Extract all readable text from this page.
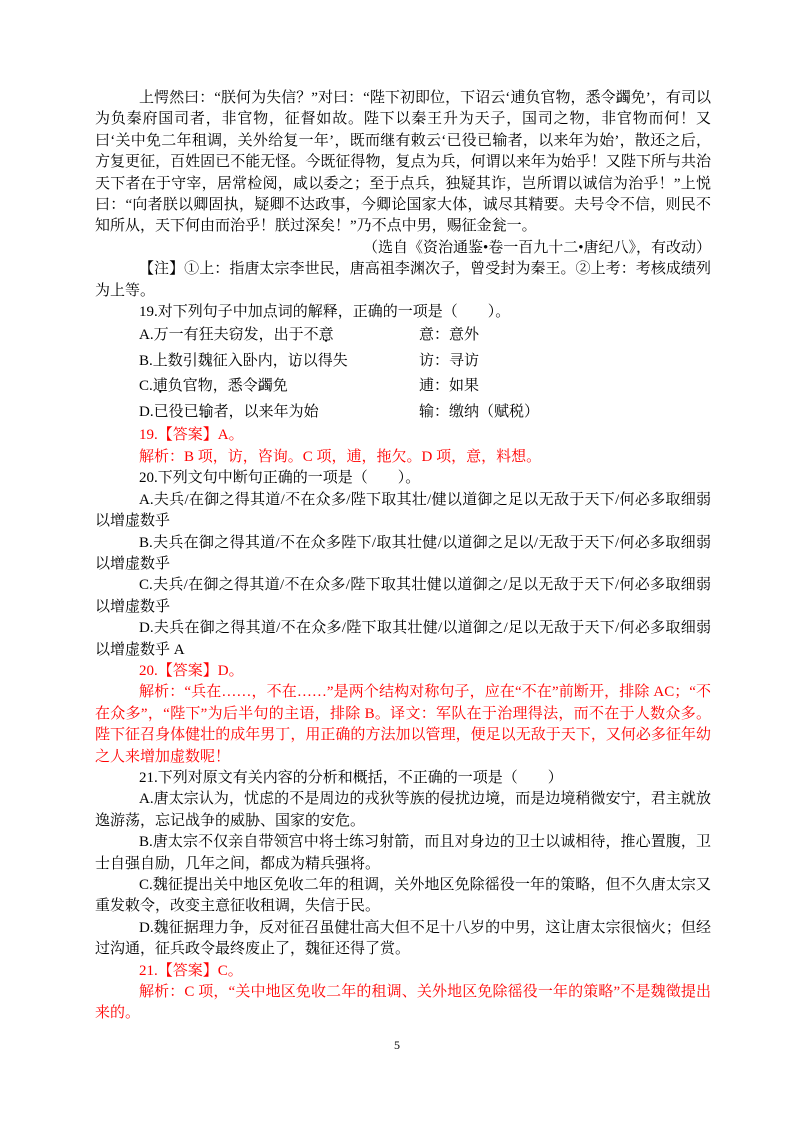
上愕然曰：“朕何为失信？”对曰：“陛下初即位，下诏云‘逋负官物，悉令蠲免’，有司以为负秦府国司者，非官物，征督如故。陛下以秦王升为天子，国司之物，非官物而何！又曰‘关中免二年租调，关外给复一年’，既而继有敕云‘已役已输者，以来年为始’，散还之后，方复更征，百姓固已不能无怪。今既征得物，复点为兵，何谓以来年为始乎！又陛下所与共治天下者在于守宰，居常检阅，咸以委之；至于点兵，独疑其诈，岂所谓以诚信为治乎！”上悦曰：“向者朕以卿固执，疑卿不达政事，今卿论国家大体，诚尽其精要。夫号令不信，则民不知所从，天下何由而治乎！朕过深矣！”乃不点中男，赐征金瓮一。

（选自《资治通鉴•卷一百九十二•唐纪八》，有改动）

【注】①上：指唐太宗李世民，唐高祖李渊次子，曾受封为秦王。②上考：考核成绩列为上等。

19.对下列句子中加点词的解释，正确的一项是（　　）。

A.万一有狂夫窃发，出于不意	意：意外
B.上数引魏征入卧内，访以得失	访：寻访
C.逋负官物，悉令蠲免	逋：如果
D.已役已输者，以来年为始	输：缴纳（赋税）

19.【答案】A。

解析：B 项，访，咨询。C 项，逋，拖欠。D 项，意，料想。

20.下列文句中断句正确的一项是（　　）。

A.夫兵/在御之得其道/不在众多/陛下取其壮/健以道御之足以无敌于天下/何必多取细弱以增虚数乎

B.夫兵在御之得其道/不在众多陛下/取其壮健/以道御之足以/无敌于天下/何必多取细弱以增虚数乎

C.夫兵/在御之得其道/不在众多/陛下取其壮健以道御之/足以无敌于天下/何必多取细弱以增虚数乎

D.夫兵在御之得其道/不在众多/陛下取其壮健/以道御之/足以无敌于天下/何必多取细弱以增虚数乎 A

20.【答案】D。

解析：“兵在……，不在……”是两个结构对称句子，应在“不在”前断开，排除 AC；“不在众多”，“陛下”为后半句的主语，排除 B。译文：军队在于治理得法，而不在于人数众多。陛下征召身体健壮的成年男丁，用正确的方法加以管理，便足以无敌于天下，又何必多征年幼之人来增加虚数呢！

21.下列对原文有关内容的分析和概括，不正确的一项是（　　）

A.唐太宗认为，忧虑的不是周边的戎狄等族的侵扰边境，而是边境稍微安宁，君主就放逸游荡，忘记战争的威胁、国家的安危。

B.唐太宗不仅亲自带领宫中将士练习射箭，而且对身边的卫士以诚相待，推心置腹，卫士自强自励，几年之间，都成为精兵强将。

C.魏征提出关中地区免收二年的租调，关外地区免除徭役一年的策略，但不久唐太宗又重发敕令，改变主意征收租调，失信于民。

D.魏征据理力争，反对征召虽健壮高大但不足十八岁的中男，这让唐太宗很恼火；但经过沟通，征兵政令最终废止了，魏征还得了赏。

21.【答案】C。

解析：C 项，“关中地区免收二年的租调、关外地区免除徭役一年的策略”不是魏徵提出来的。

5
